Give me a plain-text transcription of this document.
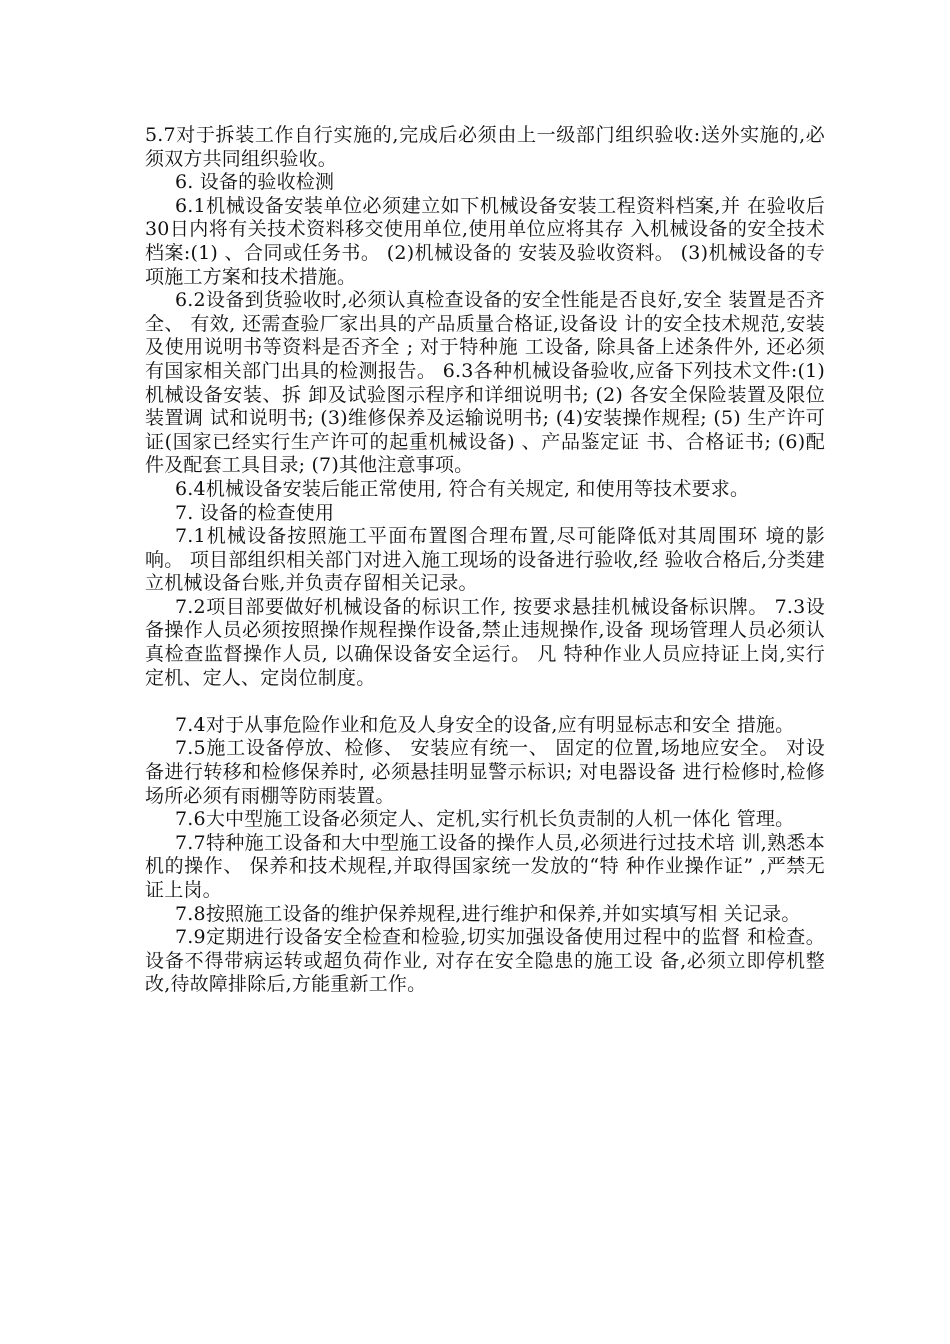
5.7对于拆装工作自行实施的,完成后必须由上一级部门组织验收:送外实施的,必须双方共同组织验收。

6. 设备的验收检测

6.1机械设备安装单位必须建立如下机械设备安装工程资料档案,并 在验收后 30日内将有关技术资料移交使用单位,使用单位应将其存 入机械设备的安全技术档案:(1) 、合同或任务书。 (2)机械设备的 安装及验收资料。 (3)机械设备的专项施工方案和技术措施。

6.2设备到货验收时,必须认真检查设备的安全性能是否良好,安全 装置是否齐全、 有效, 还需查验厂家出具的产品质量合格证,设备设 计的安全技术规范,安装及使用说明书等资料是否齐全 ; 对于特种施 工设备, 除具备上述条件外, 还必须有国家相关部门出具的检测报告。 6.3各种机械设备验收,应备下列技术文件:(1)机械设备安装、拆 卸及试验图示程序和详细说明书; (2) 各安全保险装置及限位装置调 试和说明书; (3)维修保养及运输说明书; (4)安装操作规程; (5) 生产许可证(国家已经实行生产许可的起重机械设备) 、产品鉴定证 书、合格证书; (6)配件及配套工具目录; (7)其他注意事项。

6.4机械设备安装后能正常使用, 符合有关规定, 和使用等技术要求。

7. 设备的检查使用

7.1机械设备按照施工平面布置图合理布置,尽可能降低对其周围环 境的影响。 项目部组织相关部门对进入施工现场的设备进行验收,经 验收合格后,分类建立机械设备台账,并负责存留相关记录。

7.2项目部要做好机械设备的标识工作, 按要求悬挂机械设备标识牌。 7.3设备操作人员必须按照操作规程操作设备,禁止违规操作,设备 现场管理人员必须认真检查监督操作人员, 以确保设备安全运行。 凡 特种作业人员应持证上岗,实行定机、定人、定岗位制度。

7.4对于从事危险作业和危及人身安全的设备,应有明显标志和安全 措施。

7.5施工设备停放、检修、 安装应有统一、 固定的位置,场地应安全。 对设备进行转移和检修保养时, 必须悬挂明显警示标识; 对电器设备 进行检修时,检修场所必须有雨棚等防雨装置。

7.6大中型施工设备必须定人、定机,实行机长负责制的人机一体化 管理。

7.7特种施工设备和大中型施工设备的操作人员,必须进行过技术培 训,熟悉本机的操作、 保养和技术规程,并取得国家统一发放的“特 种作业操作证” ,严禁无证上岗。

7.8按照施工设备的维护保养规程,进行维护和保养,并如实填写相 关记录。

7.9定期进行设备安全检查和检验,切实加强设备使用过程中的监督 和检查。 设备不得带病运转或超负荷作业, 对存在安全隐患的施工设 备,必须立即停机整改,待故障排除后,方能重新工作。
